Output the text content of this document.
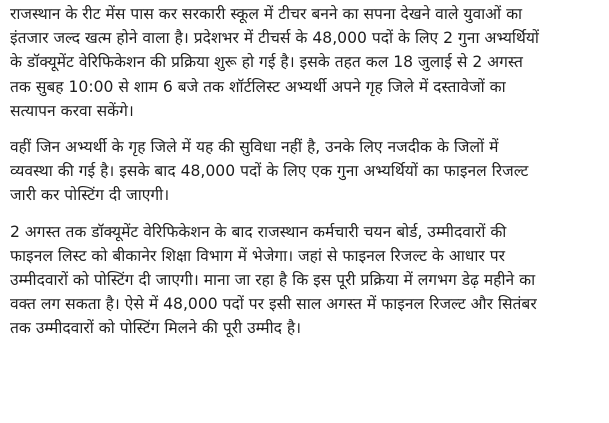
राजस्थान के रीट मेंस पास कर सरकारी स्कूल में टीचर बनने का सपना देखने वाले युवाओं का
इंतजार जल्द खत्म होने वाला है। प्रदेशभर में टीचर्स के 48,000 पदों के लिए 2 गुना अभ्यर्थियों
के डॉक्यूमेंट वेरिफिकेशन की प्रक्रिया शुरू हो गई है। इसके तहत कल 18 जुलाई से 2 अगस्त
तक सुबह 10:00 से शाम 6 बजे तक शॉर्टलिस्ट अभ्यर्थी अपने गृह जिले में दस्तावेजों का
सत्यापन करवा सकेंगे।

वहीं जिन अभ्यर्थी के गृह जिले में यह की सुविधा नहीं है, उनके लिए नजदीक के जिलों में
व्यवस्था की गई है। इसके बाद 48,000 पदों के लिए एक गुना अभ्यर्थियों का फाइनल रिजल्ट
जारी कर पोस्टिंग दी जाएगी।

2 अगस्त तक डॉक्यूमेंट वेरिफिकेशन के बाद राजस्थान कर्मचारी चयन बोर्ड, उम्मीदवारों की
फाइनल लिस्ट को बीकानेर शिक्षा विभाग में भेजेगा। जहां से फाइनल रिजल्ट के आधार पर
उम्मीदवारों को पोस्टिंग दी जाएगी। माना जा रहा है कि इस पूरी प्रक्रिया में लगभग डेढ़ महीने का
वक्त लग सकता है। ऐसे में 48,000 पदों पर इसी साल अगस्त में फाइनल रिजल्ट और सितंबर
तक उम्मीदवारों को पोस्टिंग मिलने की पूरी उम्मीद है।
